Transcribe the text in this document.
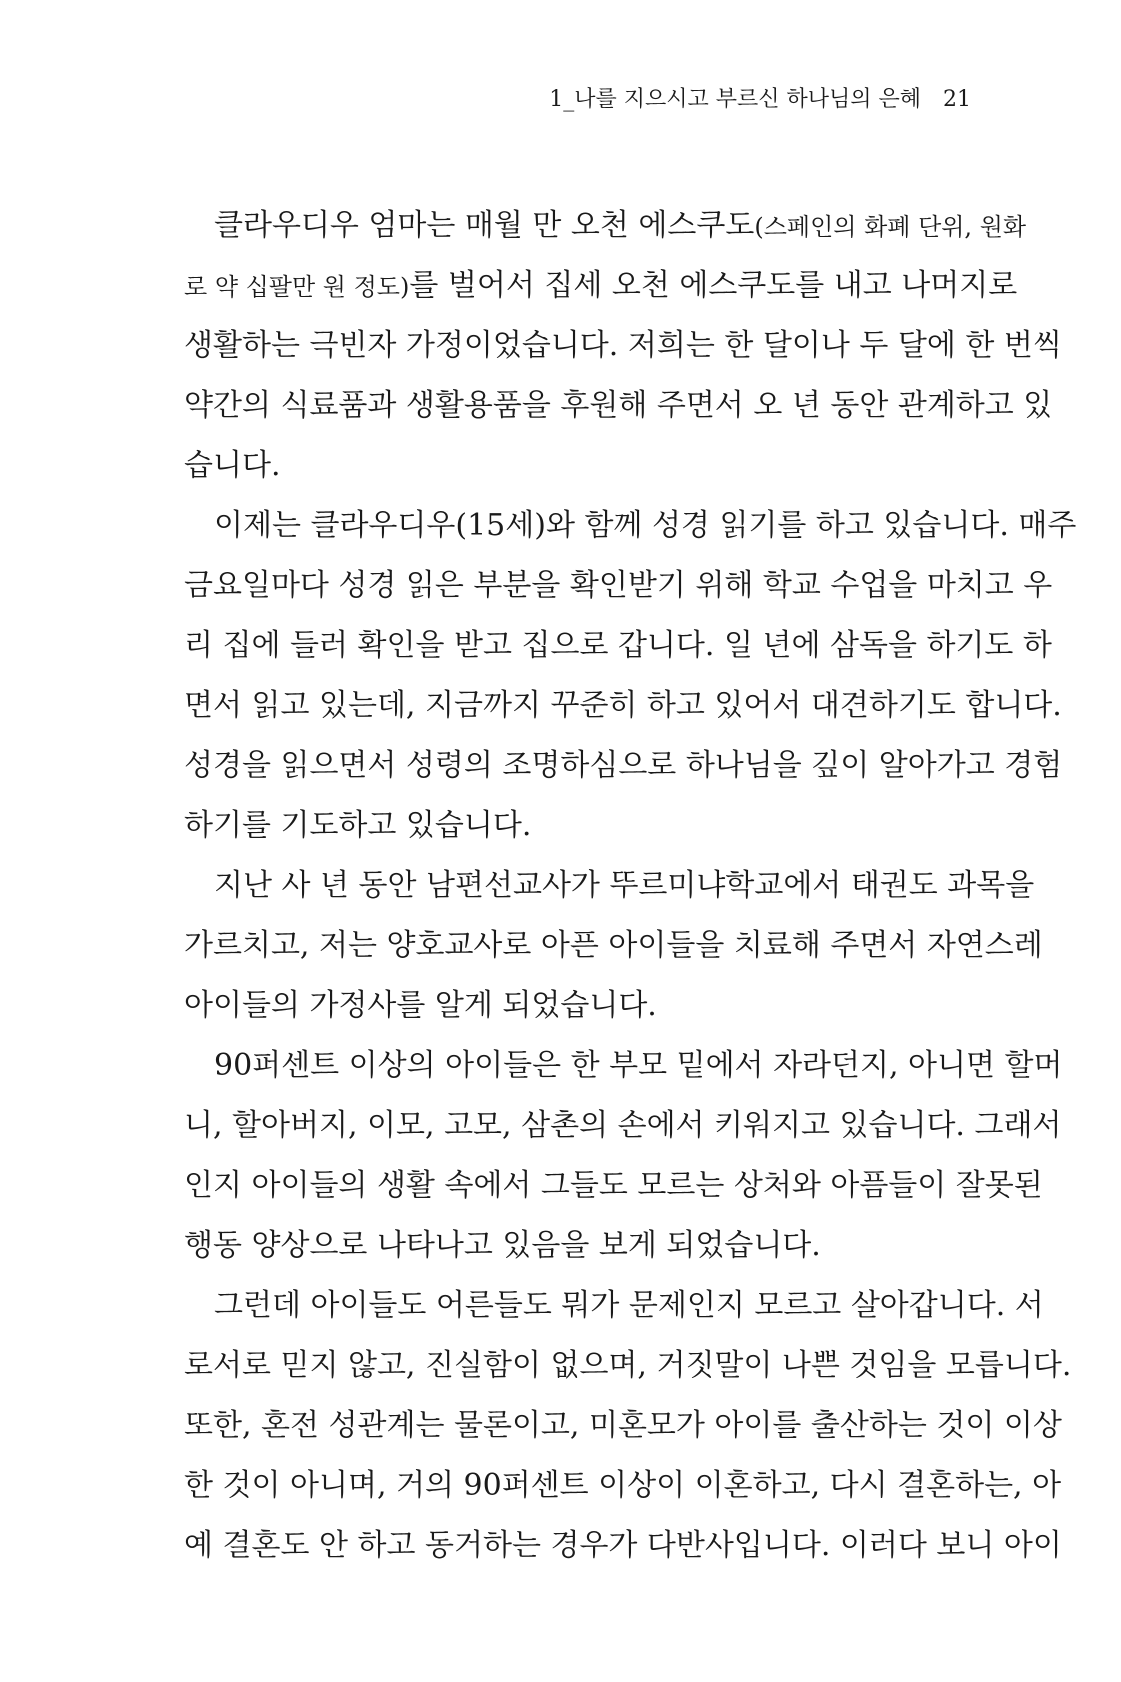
1_나를 지으시고 부르신 하나님의 은혜 21
클라우디우 엄마는 매월 만 오천 에스쿠도(스페인의 화폐 단위, 원화
로 약 십팔만 원 정도)를 벌어서 집세 오천 에스쿠도를 내고 나머지로
생활하는 극빈자 가정이었습니다. 저희는 한 달이나 두 달에 한 번씩
약간의 식료품과 생활용품을 후원해 주면서 오 년 동안 관계하고 있
습니다.
이제는 클라우디우(15세)와 함께 성경 읽기를 하고 있습니다. 매주
금요일마다 성경 읽은 부분을 확인받기 위해 학교 수업을 마치고 우
리 집에 들러 확인을 받고 집으로 갑니다. 일 년에 삼독을 하기도 하
면서 읽고 있는데, 지금까지 꾸준히 하고 있어서 대견하기도 합니다.
성경을 읽으면서 성령의 조명하심으로 하나님을 깊이 알아가고 경험
하기를 기도하고 있습니다.
지난 사 년 동안 남편선교사가 뚜르미냐학교에서 태권도 과목을
가르치고, 저는 양호교사로 아픈 아이들을 치료해 주면서 자연스레
아이들의 가정사를 알게 되었습니다.
90퍼센트 이상의 아이들은 한 부모 밑에서 자라던지, 아니면 할머
니, 할아버지, 이모, 고모, 삼촌의 손에서 키워지고 있습니다. 그래서
인지 아이들의 생활 속에서 그들도 모르는 상처와 아픔들이 잘못된
행동 양상으로 나타나고 있음을 보게 되었습니다.
그런데 아이들도 어른들도 뭐가 문제인지 모르고 살아갑니다. 서
로서로 믿지 않고, 진실함이 없으며, 거짓말이 나쁜 것임을 모릅니다.
또한, 혼전 성관계는 물론이고, 미혼모가 아이를 출산하는 것이 이상
한 것이 아니며, 거의 90퍼센트 이상이 이혼하고, 다시 결혼하는, 아
예 결혼도 안 하고 동거하는 경우가 다반사입니다. 이러다 보니 아이
